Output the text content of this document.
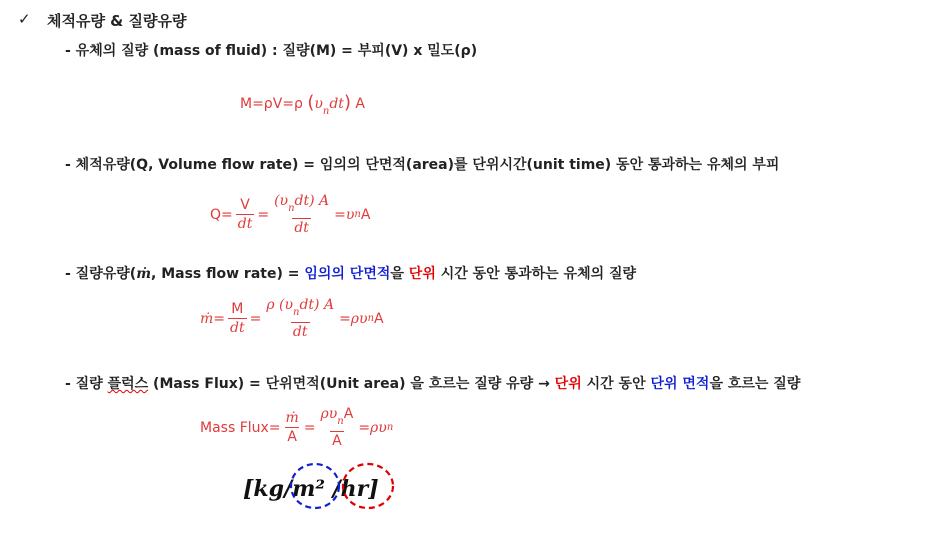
✓ 체적유량 & 질량유량
- 유체의 질량 (mass of fluid) : 질량(M) = 부피(V) x 밀도(ρ)
M=ρV=ρ $(\upsilon_ndt)$ A
- 체적유량(Q, Volume flow rate) = 임의의 단면적(area)를 단위시간(unit time) 동안 통과하는 유체의 부피
$Q= \frac{V}{dt} = \frac{(\upsilon_ndt) A}{dt} =\upsilon$ n A
- 질량유량(ṁ, Mass flow rate) = 임의의 단면적을 단위 시간 동안 통과하는 유체의 질량
ṁ = $\frac{M}{dt} = \frac{\rho (\upsilon_ndt) A}{dt} =\rho\upsilon$ n A
- 질량 플럭스 (Mass Flux) = 단위면적(Unit area) 을 흐르는 질량 유량 → 단위 시간 동안 단위 면적을 흐르는 질량
Mass Flux= $\frac{\text{ṁ}}{A} = \frac{\rho\upsilon_nA}{A} =\rho\upsilon$ n
[kg/m² /hr]
